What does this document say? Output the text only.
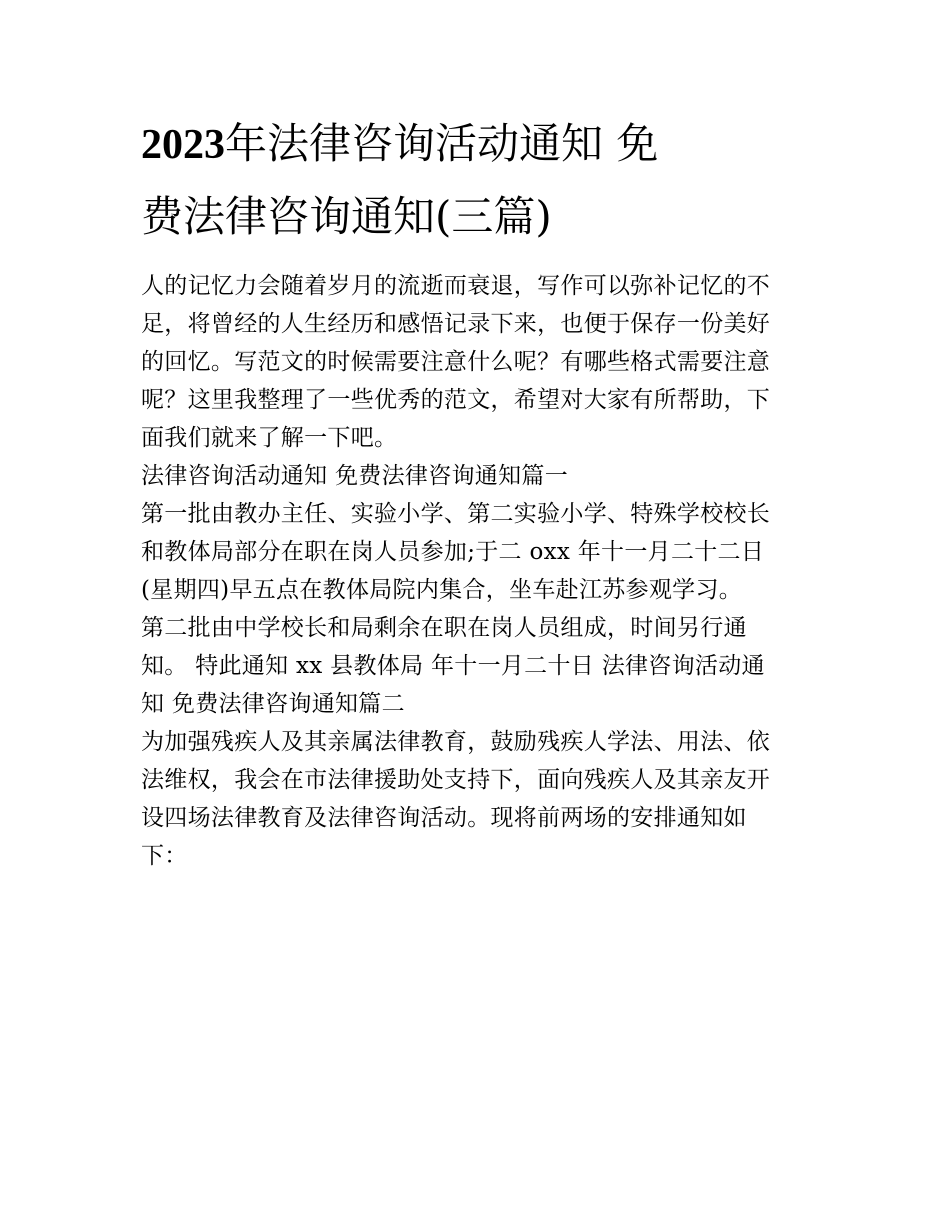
2023年法律咨询活动通知 免
费法律咨询通知(三篇)
人的记忆力会随着岁月的流逝而衰退，写作可以弥补记忆的不
足，将曾经的人生经历和感悟记录下来，也便于保存一份美好
的回忆。写范文的时候需要注意什么呢？有哪些格式需要注意
呢？这里我整理了一些优秀的范文，希望对大家有所帮助，下
面我们就来了解一下吧。
法律咨询活动通知 免费法律咨询通知篇一
第一批由教办主任、实验小学、第二实验小学、特殊学校校长
和教体局部分在职在岗人员参加;于二 oxx 年十一月二十二日
(星期四)早五点在教体局院内集合，坐车赴江苏参观学习。
第二批由中学校长和局剩余在职在岗人员组成，时间另行通
知。 特此通知 xx 县教体局 年十一月二十日 法律咨询活动通
知 免费法律咨询通知篇二
为加强残疾人及其亲属法律教育，鼓励残疾人学法、用法、依
法维权，我会在市法律援助处支持下，面向残疾人及其亲友开
设四场法律教育及法律咨询活动。现将前两场的安排通知如
下：
